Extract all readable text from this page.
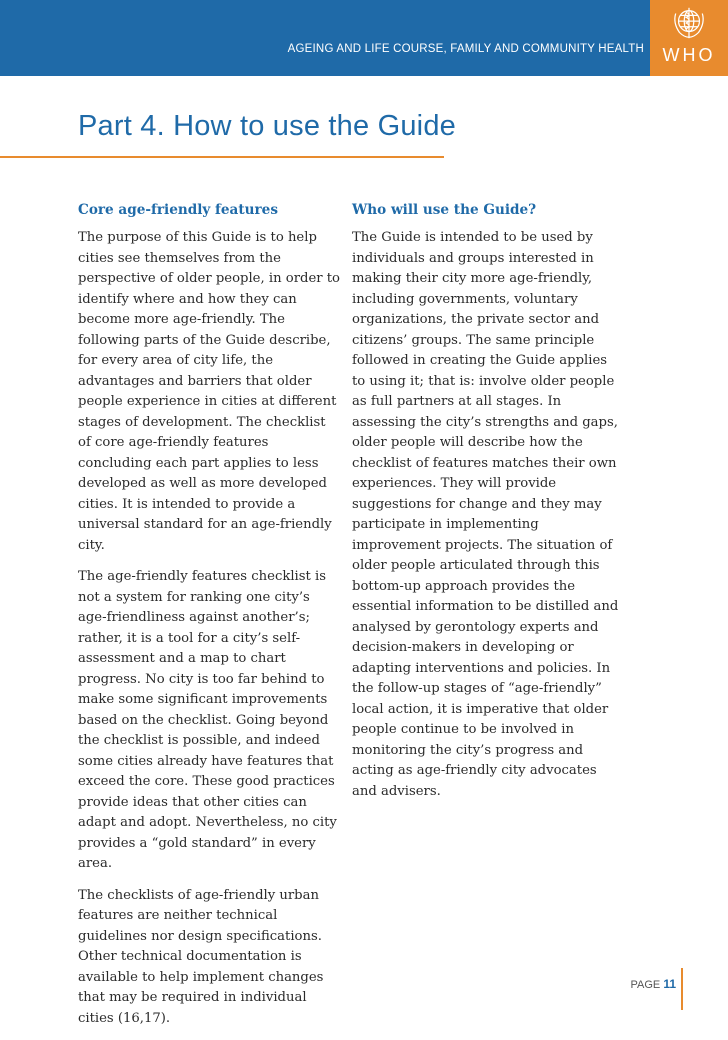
AGEING AND LIFE COURSE, FAMILY AND COMMUNITY HEALTH	WHO
Part 4. How to use the Guide
Core age-friendly features

The purpose of this Guide is to help cities see themselves from the perspective of older people, in order to identify where and how they can become more age-friendly. The following parts of the Guide describe, for every area of city life, the advantages and barriers that older people experience in cities at different stages of development. The checklist of core age-friendly features concluding each part applies to less developed as well as more developed cities. It is intended to provide a universal standard for an age-friendly city.

The age-friendly features checklist is not a system for ranking one city’s age-friendliness against another’s; rather, it is a tool for a city’s self-assessment and a map to chart progress. No city is too far behind to make some significant improvements based on the checklist. Going beyond the checklist is possible, and indeed some cities already have features that exceed the core. These good practices provide ideas that other cities can adapt and adopt. Nevertheless, no city provides a “gold standard” in every area.

The checklists of age-friendly urban features are neither technical guidelines nor design specifications. Other technical documentation is available to help implement changes that may be required in individual cities (16,17).

Who will use the Guide?

The Guide is intended to be used by individuals and groups interested in making their city more age-friendly, including governments, voluntary organizations, the private sector and citizens’ groups. The same principle followed in creating the Guide applies to using it; that is: involve older people as full partners at all stages. In assessing the city’s strengths and gaps, older people will describe how the checklist of features matches their own experiences. They will provide suggestions for change and they may participate in implementing improvement projects. The situation of older people articulated through this bottom-up approach provides the essential information to be distilled and analysed by gerontology experts and decision-makers in developing or adapting interventions and policies. In the follow-up stages of “age-friendly” local action, it is imperative that older people continue to be involved in monitoring the city’s progress and acting as age-friendly city advocates and advisers.

PAGE 11
